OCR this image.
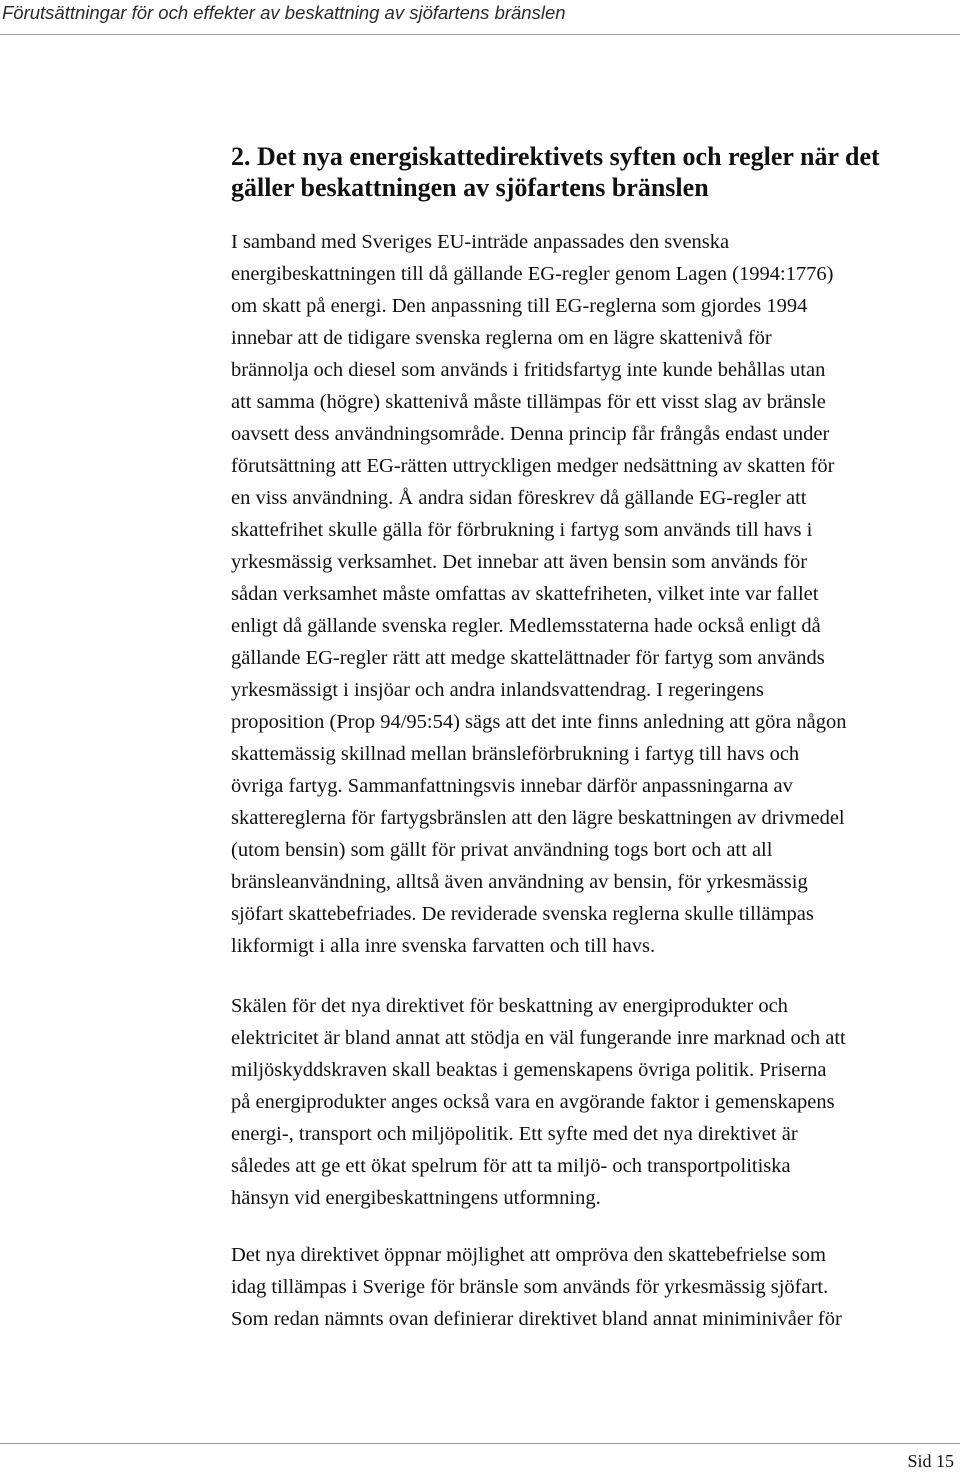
Förutsättningar för och effekter av beskattning av sjöfartens bränslen
2. Det nya energiskattedirektivets syften och regler när det
gäller beskattningen av sjöfartens bränslen
I samband med Sveriges EU-inträde anpassades den svenska
energibeskattningen till då gällande EG-regler genom Lagen (1994:1776)
om skatt på energi. Den anpassning till EG-reglerna som gjordes 1994
innebar att de tidigare svenska reglerna om en lägre skattenivå för
brännolja och diesel som används i fritidsfartyg inte kunde behållas utan
att samma (högre) skattenivå måste tillämpas för ett visst slag av bränsle
oavsett dess användningsområde. Denna princip får frångås endast under
förutsättning att EG-rätten uttryckligen medger nedsättning av skatten för
en viss användning. Å andra sidan föreskrev då gällande EG-regler att
skattefrihet skulle gälla för förbrukning i fartyg som används till havs i
yrkesmässig verksamhet. Det innebar att även bensin som används för
sådan verksamhet måste omfattas av skattefriheten, vilket inte var fallet
enligt då gällande svenska regler. Medlemsstaterna hade också enligt då
gällande EG-regler rätt att medge skattelättnader för fartyg som används
yrkesmässigt i insjöar och andra inlandsvattendrag. I regeringens
proposition (Prop 94/95:54) sägs att det inte finns anledning att göra någon
skattemässig skillnad mellan bränsleförbrukning i fartyg till havs och
övriga fartyg. Sammanfattningsvis innebar därför anpassningarna av
skattereglerna för fartygsbränslen att den lägre beskattningen av drivmedel
(utom bensin) som gällt för privat användning togs bort och att all
bränsleanvändning, alltså även användning av bensin, för yrkesmässig
sjöfart skattebefriades. De reviderade svenska reglerna skulle tillämpas
likformigt i alla inre svenska farvatten och till havs.
Skälen för det nya direktivet för beskattning av energiprodukter och
elektricitet är bland annat att stödja en väl fungerande inre marknad och att
miljöskyddskraven skall beaktas i gemenskapens övriga politik. Priserna
på energiprodukter anges också vara en avgörande faktor i gemenskapens
energi-, transport och miljöpolitik. Ett syfte med det nya direktivet är
således att ge ett ökat spelrum för att ta miljö- och transportpolitiska
hänsyn vid energibeskattningens utformning.
Det nya direktivet öppnar möjlighet att ompröva den skattebefrielse som
idag tillämpas i Sverige för bränsle som används för yrkesmässig sjöfart.
Som redan nämnts ovan definierar direktivet bland annat miniminivåer för
Sid 15
